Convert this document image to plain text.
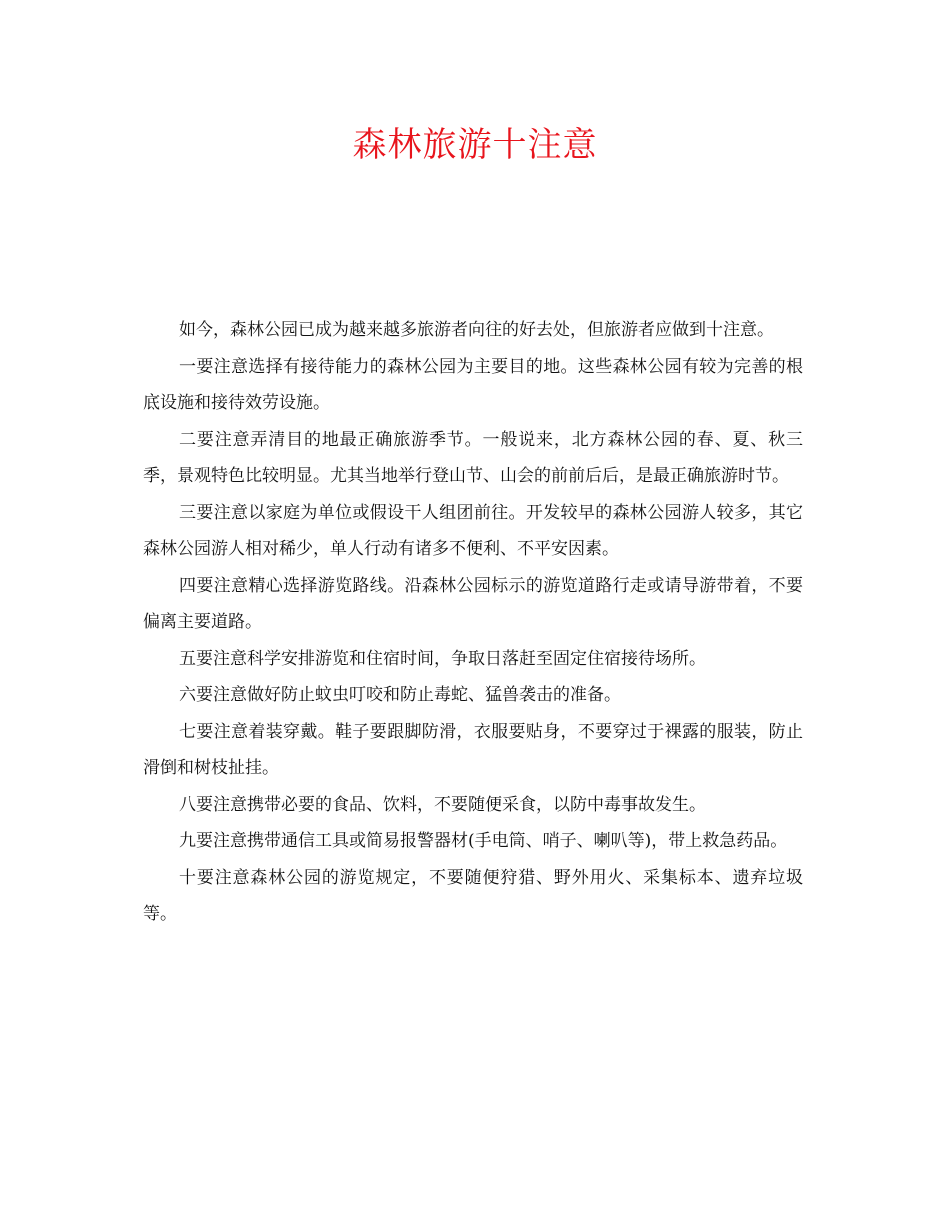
森林旅游十注意

如今，森林公园已成为越来越多旅游者向往的好去处，但旅游者应做到十注意。

一要注意选择有接待能力的森林公园为主要目的地。这些森林公园有较为完善的根底设施和接待效劳设施。

二要注意弄清目的地最正确旅游季节。一般说来，北方森林公园的春、夏、秋三季，景观特色比较明显。尤其当地举行登山节、山会的前前后后，是最正确旅游时节。

三要注意以家庭为单位或假设干人组团前往。开发较早的森林公园游人较多，其它森林公园游人相对稀少，单人行动有诸多不便利、不平安因素。

四要注意精心选择游览路线。沿森林公园标示的游览道路行走或请导游带着，不要偏离主要道路。

五要注意科学安排游览和住宿时间，争取日落赶至固定住宿接待场所。

六要注意做好防止蚊虫叮咬和防止毒蛇、猛兽袭击的准备。

七要注意着装穿戴。鞋子要跟脚防滑，衣服要贴身，不要穿过于裸露的服装，防止滑倒和树枝扯挂。

八要注意携带必要的食品、饮料，不要随便采食，以防中毒事故发生。

九要注意携带通信工具或简易报警器材(手电筒、哨子、喇叭等)，带上救急药品。

十要注意森林公园的游览规定，不要随便狩猎、野外用火、采集标本、遗弃垃圾等。
